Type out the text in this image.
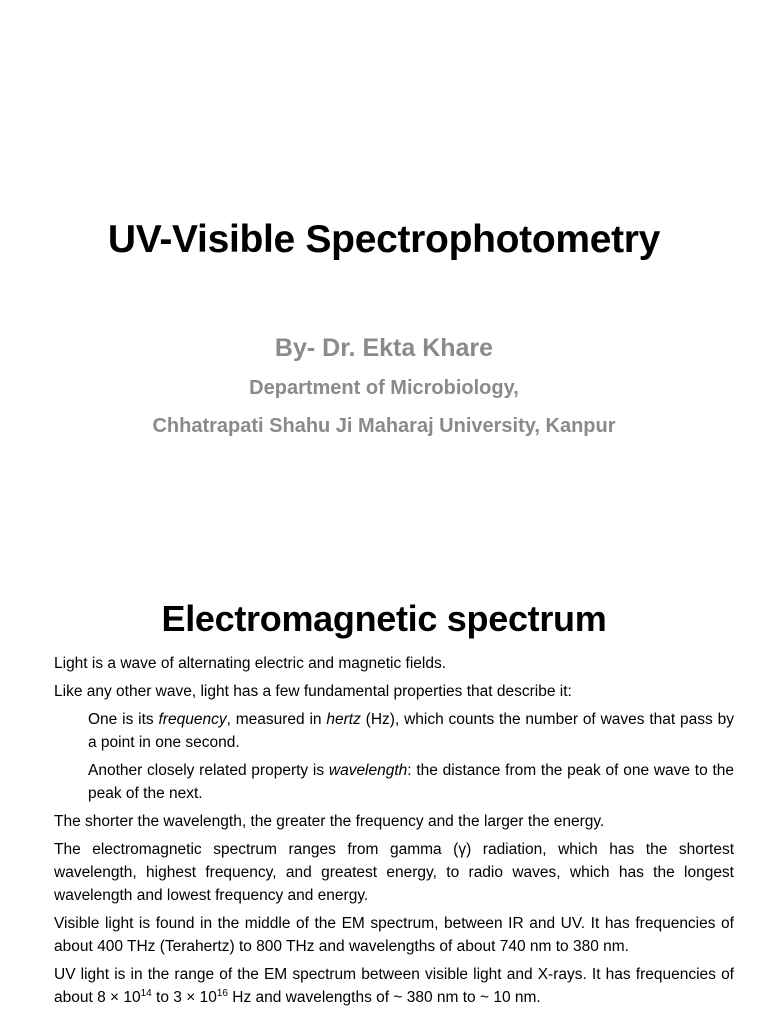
UV-Visible Spectrophotometry
By- Dr. Ekta Khare
Department of Microbiology,
Chhatrapati Shahu Ji Maharaj University, Kanpur
Electromagnetic spectrum

Light is a wave of alternating electric and magnetic fields.

Like any other wave, light has a few fundamental properties that describe it:

One is its frequency, measured in hertz (Hz), which counts the number of waves that pass by a point in one second.

Another closely related property is wavelength: the distance from the peak of one wave to the peak of the next.

The shorter the wavelength, the greater the frequency and the larger the energy.

The electromagnetic spectrum ranges from gamma (γ) radiation, which has the shortest wavelength, highest frequency, and greatest energy, to radio waves, which has the longest wavelength and lowest frequency and energy.

Visible light is found in the middle of the EM spectrum, between IR and UV. It has frequencies of about 400 THz (Terahertz) to 800 THz and wavelengths of about 740 nm to 380 nm.

UV light is in the range of the EM spectrum between visible light and X-rays. It has frequencies of about $8 \times 10^{14}$ to $3 \times 10^{16}$ Hz and wavelengths of ~ 380 nm to ~ 10 nm.
